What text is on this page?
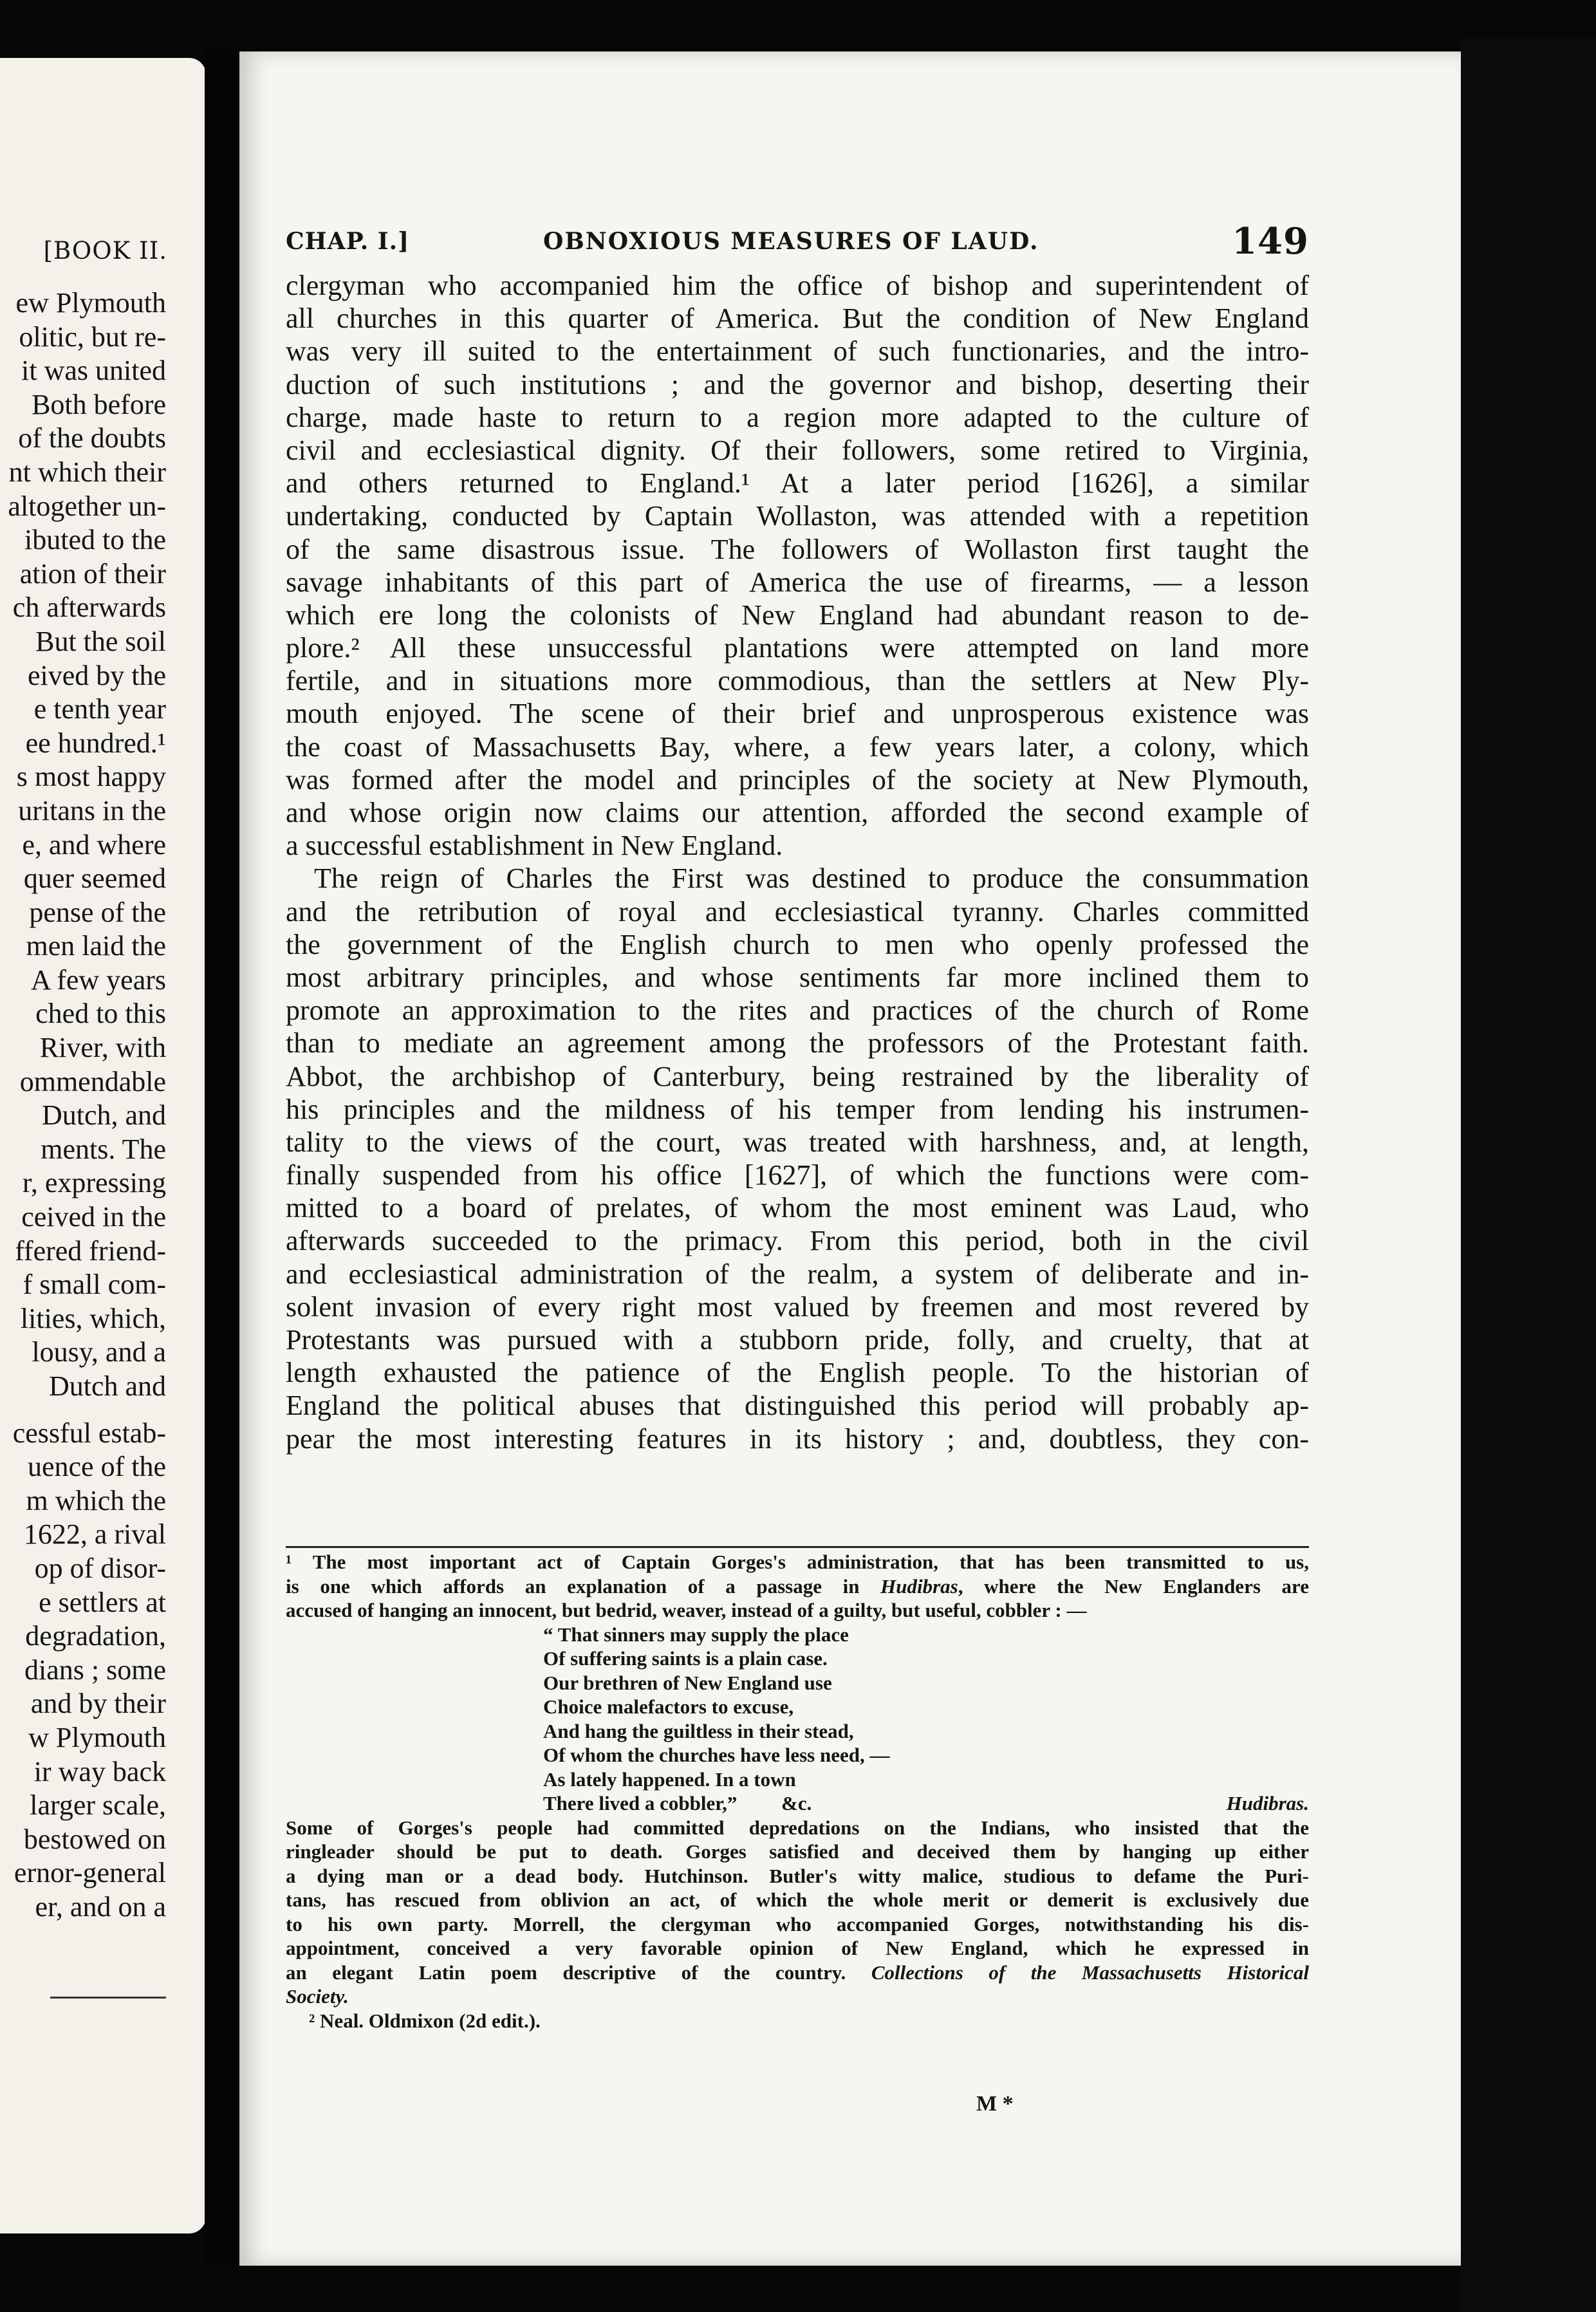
[BOOK II.
ew Plymouth
olitic, but re-
it was united
Both before
of the doubts
nt which their
altogether un-
ibuted to the
ation of their
ch afterwards
But the soil
eived by the
e tenth year
ee hundred.¹
s most happy
uritans in the
e, and where
quer seemed
pense of the
men laid the
A few years
ched to this
River, with
ommendable
Dutch, and
ments. The
r, expressing
ceived in the
ffered friend-
f small com-
lities, which,
lousy, and a
Dutch and
cessful estab-
uence of the
m which the
1622, a rival
op of disor-
e settlers at
degradation,
dians ; some
and by their
w Plymouth
ir way back
larger scale,
bestowed on
ernor-general
er, and on a
CHAP. I.]	OBNOXIOUS MEASURES OF LAUD.	149
clergyman who accompanied him the office of bishop and superintendent of
all churches in this quarter of America. But the condition of New England
was very ill suited to the entertainment of such functionaries, and the intro-
duction of such institutions ; and the governor and bishop, deserting their
charge, made haste to return to a region more adapted to the culture of
civil and ecclesiastical dignity. Of their followers, some retired to Virginia,
and others returned to England.¹ At a later period [1626], a similar
undertaking, conducted by Captain Wollaston, was attended with a repetition
of the same disastrous issue. The followers of Wollaston first taught the
savage inhabitants of this part of America the use of firearms, — a lesson
which ere long the colonists of New England had abundant reason to de-
plore.² All these unsuccessful plantations were attempted on land more
fertile, and in situations more commodious, than the settlers at New Ply-
mouth enjoyed. The scene of their brief and unprosperous existence was
the coast of Massachusetts Bay, where, a few years later, a colony, which
was formed after the model and principles of the society at New Plymouth,
and whose origin now claims our attention, afforded the second example of
a successful establishment in New England.
The reign of Charles the First was destined to produce the consummation
and the retribution of royal and ecclesiastical tyranny. Charles committed
the government of the English church to men who openly professed the
most arbitrary principles, and whose sentiments far more inclined them to
promote an approximation to the rites and practices of the church of Rome
than to mediate an agreement among the professors of the Protestant faith.
Abbot, the archbishop of Canterbury, being restrained by the liberality of
his principles and the mildness of his temper from lending his instrumen-
tality to the views of the court, was treated with harshness, and, at length,
finally suspended from his office [1627], of which the functions were com-
mitted to a board of prelates, of whom the most eminent was Laud, who
afterwards succeeded to the primacy. From this period, both in the civil
and ecclesiastical administration of the realm, a system of deliberate and in-
solent invasion of every right most valued by freemen and most revered by
Protestants was pursued with a stubborn pride, folly, and cruelty, that at
length exhausted the patience of the English people. To the historian of
England the political abuses that distinguished this period will probably ap-
pear the most interesting features in its history ; and, doubtless, they con-
¹ The most important act of Captain Gorges's administration, that has been transmitted to us,
is one which affords an explanation of a passage in Hudibras, where the New Englanders are
accused of hanging an innocent, but bedrid, weaver, instead of a guilty, but useful, cobbler : —
“ That sinners may supply the place
Of suffering saints is a plain case.
Our brethren of New England use
Choice malefactors to excuse,
And hang the guiltless in their stead,
Of whom the churches have less need, —
As lately happened. In a town
There lived a cobbler,” &c.	Hudibras.
Some of Gorges's people had committed depredations on the Indians, who insisted that the
ringleader should be put to death. Gorges satisfied and deceived them by hanging up either
a dying man or a dead body. Hutchinson. Butler's witty malice, studious to defame the Puri-
tans, has rescued from oblivion an act, of which the whole merit or demerit is exclusively due
to his own party. Morrell, the clergyman who accompanied Gorges, notwithstanding his dis-
appointment, conceived a very favorable opinion of New England, which he expressed in
an elegant Latin poem descriptive of the country. Collections of the Massachusetts Historical
Society.
² Neal. Oldmixon (2d edit.).
M *
